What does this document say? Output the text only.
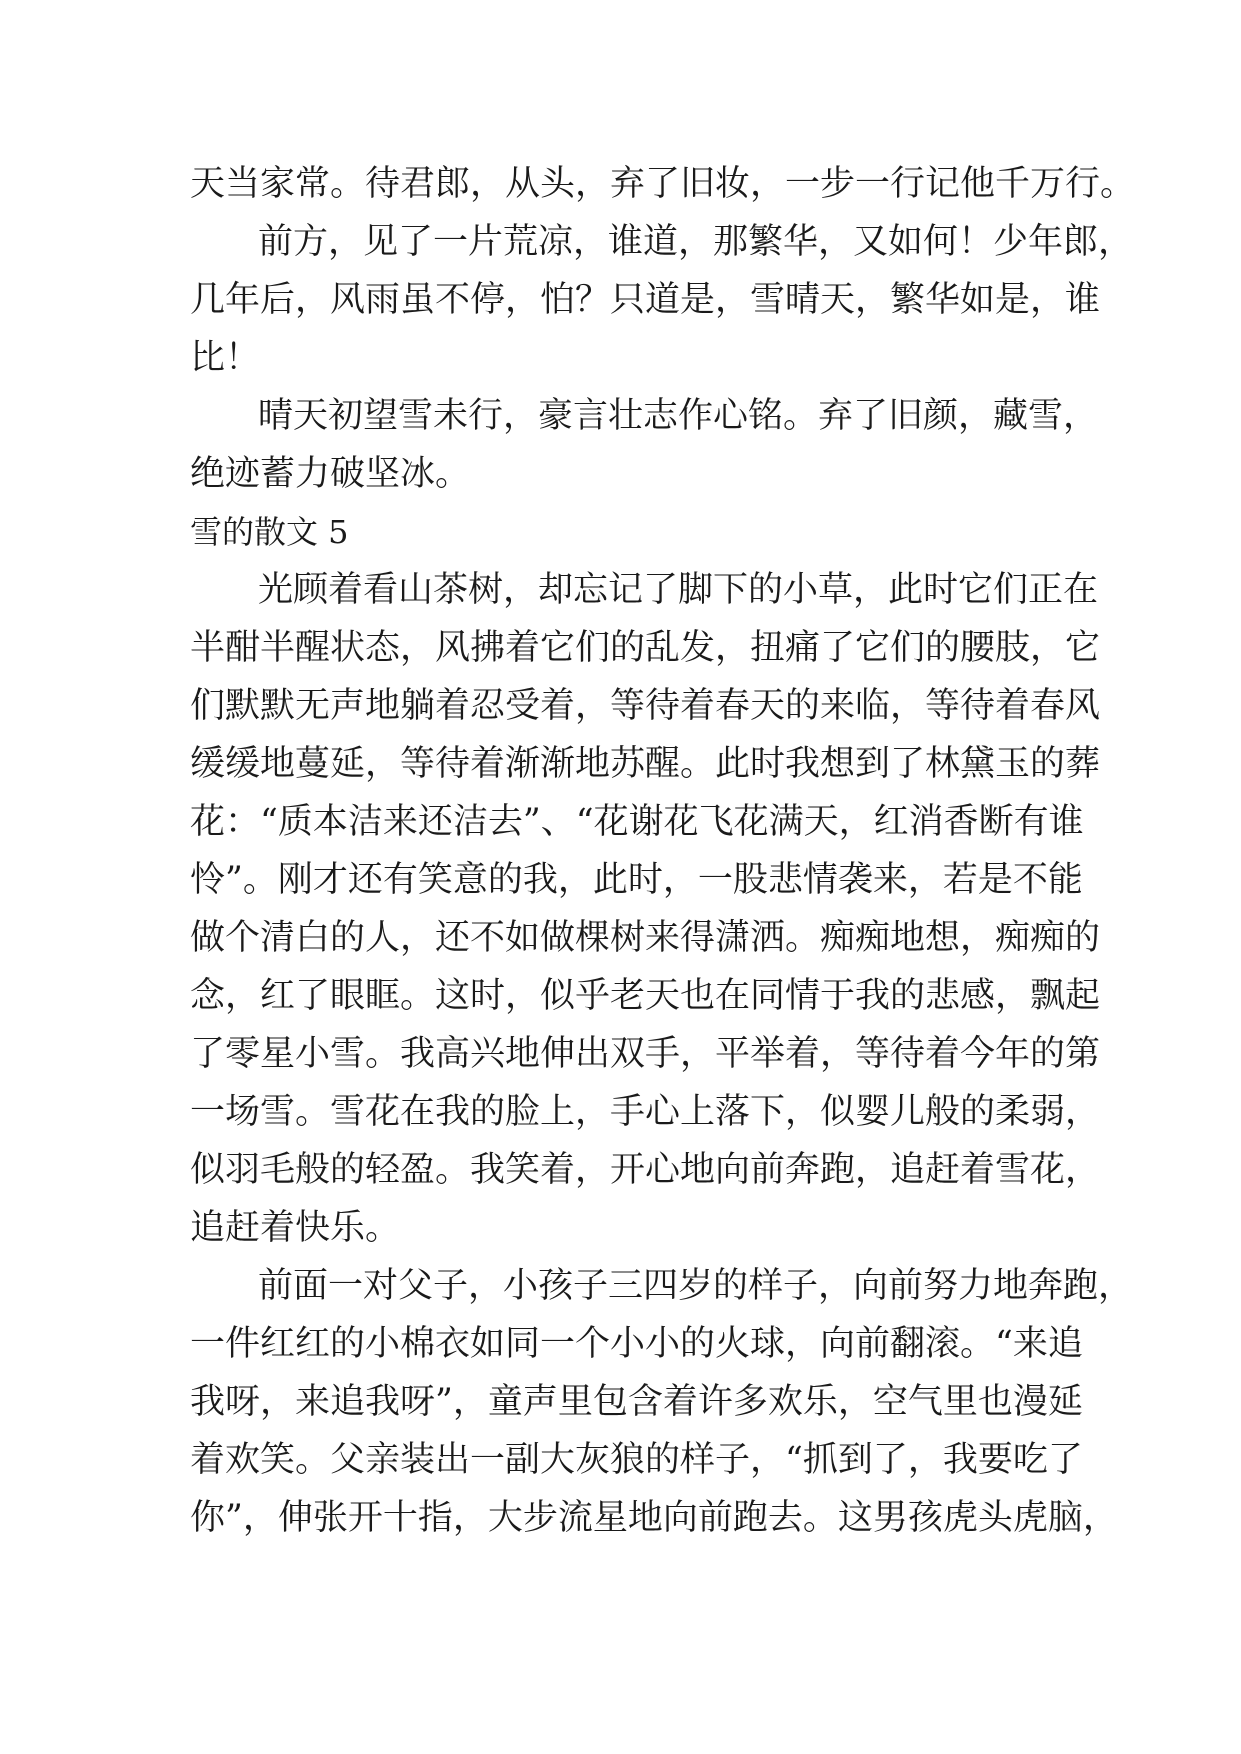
天当家常。待君郎，从头，弃了旧妆，一步一行记他千万行。
前方，见了一片荒凉，谁道，那繁华，又如何！少年郎，
几年后，风雨虽不停，怕？只道是，雪晴天，繁华如是，谁
比！
晴天初望雪未行，豪言壮志作心铭。弃了旧颜，藏雪，
绝迹蓄力破坚冰。
雪的散文 5
光顾着看山茶树，却忘记了脚下的小草，此时它们正在
半酣半醒状态，风拂着它们的乱发，扭痛了它们的腰肢，它
们默默无声地躺着忍受着，等待着春天的来临，等待着春风
缓缓地蔓延，等待着渐渐地苏醒。此时我想到了林黛玉的葬
花：“质本洁来还洁去”、“花谢花飞花满天，红消香断有谁
怜”。刚才还有笑意的我，此时，一股悲情袭来，若是不能
做个清白的人，还不如做棵树来得潇洒。痴痴地想，痴痴的
念，红了眼眶。这时，似乎老天也在同情于我的悲感，飘起
了零星小雪。我高兴地伸出双手，平举着，等待着今年的第
一场雪。雪花在我的脸上，手心上落下，似婴儿般的柔弱，
似羽毛般的轻盈。我笑着，开心地向前奔跑，追赶着雪花，
追赶着快乐。
前面一对父子，小孩子三四岁的样子，向前努力地奔跑，
一件红红的小棉衣如同一个小小的火球，向前翻滚。“来追
我呀，来追我呀”，童声里包含着许多欢乐，空气里也漫延
着欢笑。父亲装出一副大灰狼的样子，“抓到了，我要吃了
你”，伸张开十指，大步流星地向前跑去。这男孩虎头虎脑，
